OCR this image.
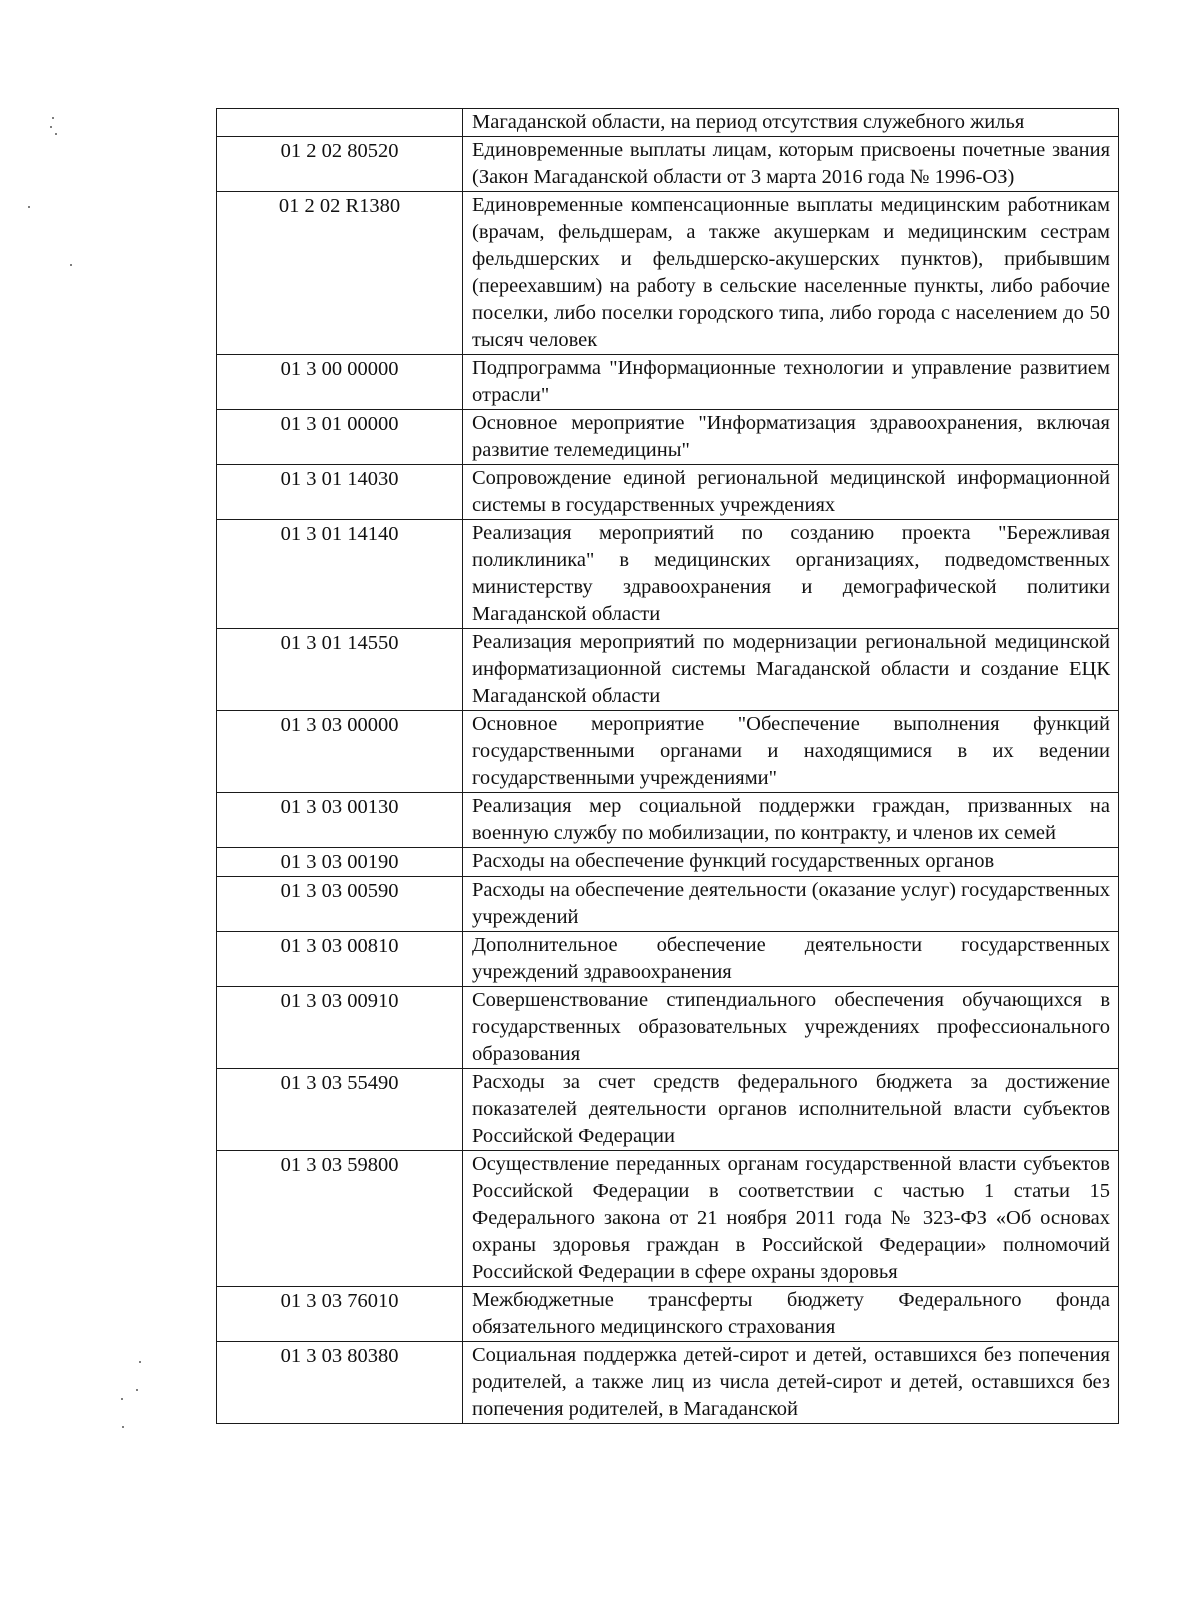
	Магаданской области, на период отсутствия служебного жилья
01 2 02 80520	Единовременные выплаты лицам, которым присвоены почетные звания (Закон Магаданской области от 3 марта 2016 года № 1996-ОЗ)
01 2 02 R1380	Единовременные компенсационные выплаты медицинским работникам (врачам, фельдшерам, а также акушеркам и медицинским сестрам фельдшерских и фельдшерско-акушерских пунктов), прибывшим (переехавшим) на работу в сельские населенные пункты, либо рабочие поселки, либо поселки городского типа, либо города с населением до 50 тысяч человек
01 3 00 00000	Подпрограмма "Информационные технологии и управление развитием отрасли"
01 3 01 00000	Основное мероприятие "Информатизация здравоохранения, включая развитие телемедицины"
01 3 01 14030	Сопровождение единой региональной медицинской информационной системы в государственных учреждениях
01 3 01 14140	Реализация мероприятий по созданию проекта "Бережливая поликлиника" в медицинских организациях, подведомственных министерству здравоохранения и демографической политики Магаданской области
01 3 01 14550	Реализация мероприятий по модернизации региональной медицинской информатизационной системы Магаданской области и создание ЕЦК Магаданской области
01 3 03 00000	Основное мероприятие "Обеспечение выполнения функций государственными органами и находящимися в их ведении государственными учреждениями"
01 3 03 00130	Реализация мер социальной поддержки граждан, призванных на военную службу по мобилизации, по контракту, и членов их семей
01 3 03 00190	Расходы на обеспечение функций государственных органов
01 3 03 00590	Расходы на обеспечение деятельности (оказание услуг) государственных учреждений
01 3 03 00810	Дополнительное обеспечение деятельности государственных учреждений здравоохранения
01 3 03 00910	Совершенствование стипендиального обеспечения обучающихся в государственных образовательных учреждениях профессионального образования
01 3 03 55490	Расходы за счет средств федерального бюджета за достижение показателей деятельности органов исполнительной власти субъектов Российской Федерации
01 3 03 59800	Осуществление переданных органам государственной власти субъектов Российской Федерации в соответствии с частью 1 статьи 15 Федерального закона от 21 ноября 2011 года № 323-ФЗ «Об основах охраны здоровья граждан в Российской Федерации» полномочий Российской Федерации в сфере охраны здоровья
01 3 03 76010	Межбюджетные трансферты бюджету Федерального фонда обязательного медицинского страхования
01 3 03 80380	Социальная поддержка детей-сирот и детей, оставшихся без попечения родителей, а также лиц из числа детей-сирот и детей, оставшихся без попечения родителей, в Магаданской
